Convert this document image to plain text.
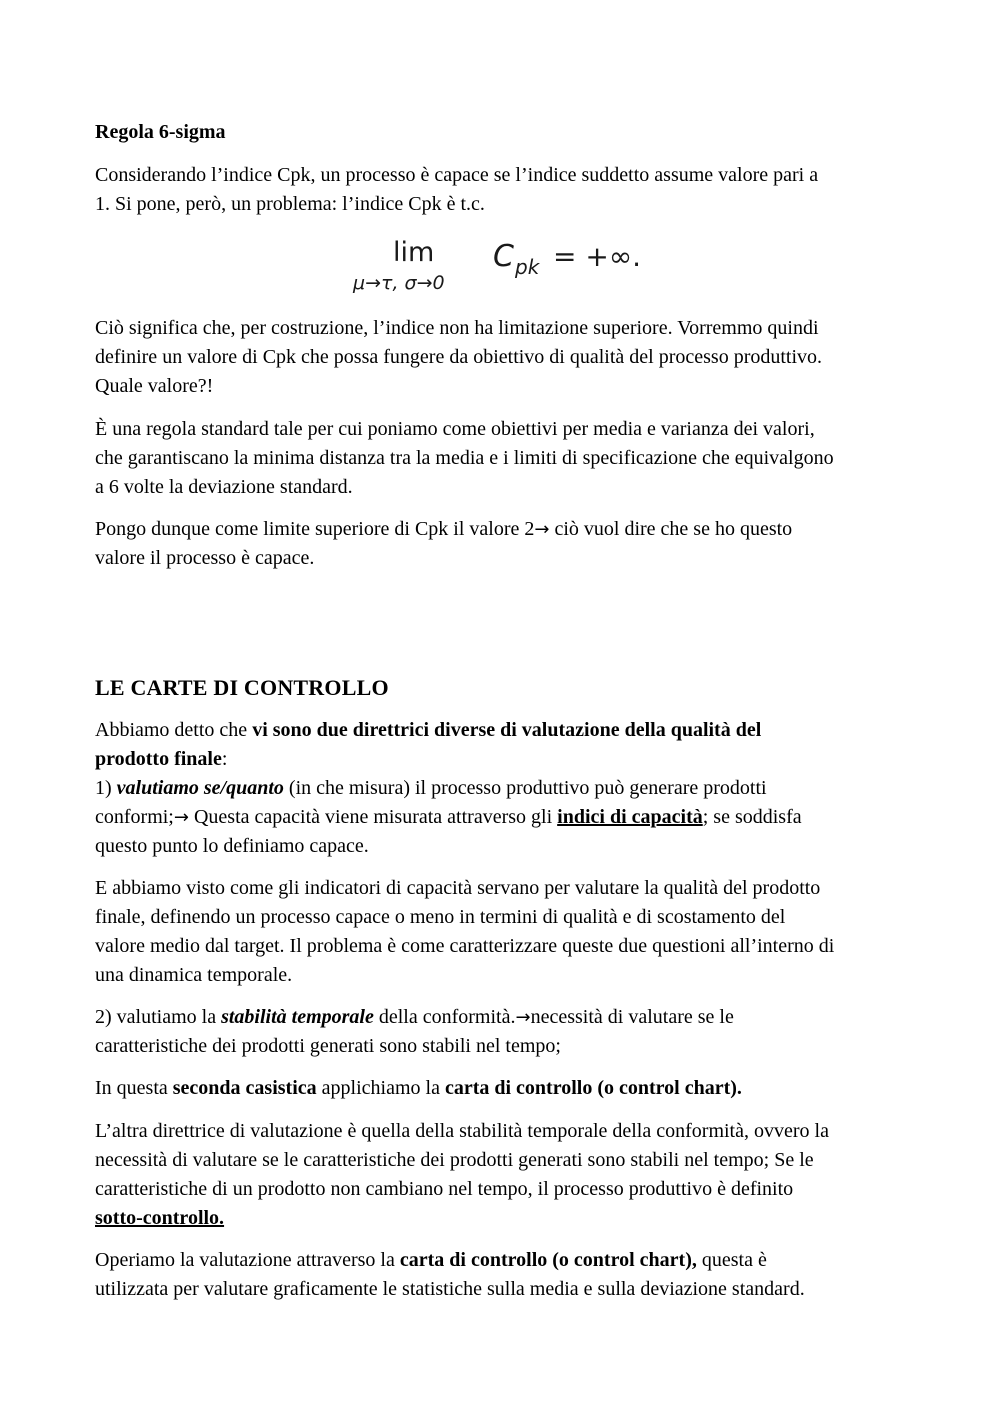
Regola 6-sigma
Considerando l’indice Cpk, un processo è capace se l’indice suddetto assume valore pari a
1. Si pone, però, un problema: l’indice Cpk è t.c.
lim
μ→τ, σ→0
C pk = +∞.
Ciò significa che, per costruzione, l’indice non ha limitazione superiore. Vorremmo quindi
definire un valore di Cpk che possa fungere da obiettivo di qualità del processo produttivo.
Quale valore?!
È una regola standard tale per cui poniamo come obiettivi per media e varianza dei valori,
che garantiscano la minima distanza tra la media e i limiti di specificazione che equivalgono
a 6 volte la deviazione standard.
Pongo dunque come limite superiore di Cpk il valore 2→ ciò vuol dire che se ho questo
valore il processo è capace.
LE CARTE DI CONTROLLO
Abbiamo detto che vi sono due direttrici diverse di valutazione della qualità del
prodotto finale:
1) valutiamo se/quanto (in che misura) il processo produttivo può generare prodotti
conformi;→ Questa capacità viene misurata attraverso gli indici di capacità; se soddisfa
questo punto lo definiamo capace.
E abbiamo visto come gli indicatori di capacità servano per valutare la qualità del prodotto
finale, definendo un processo capace o meno in termini di qualità e di scostamento del
valore medio dal target. Il problema è come caratterizzare queste due questioni all’interno di
una dinamica temporale.
2) valutiamo la stabilità temporale della conformità.→necessità di valutare se le
caratteristiche dei prodotti generati sono stabili nel tempo;
In questa seconda casistica applichiamo la carta di controllo (o control chart).
L’altra direttrice di valutazione è quella della stabilità temporale della conformità, ovvero la
necessità di valutare se le caratteristiche dei prodotti generati sono stabili nel tempo; Se le
caratteristiche di un prodotto non cambiano nel tempo, il processo produttivo è definito
sotto-controllo.
Operiamo la valutazione attraverso la carta di controllo (o control chart), questa è
utilizzata per valutare graficamente le statistiche sulla media e sulla deviazione standard.
